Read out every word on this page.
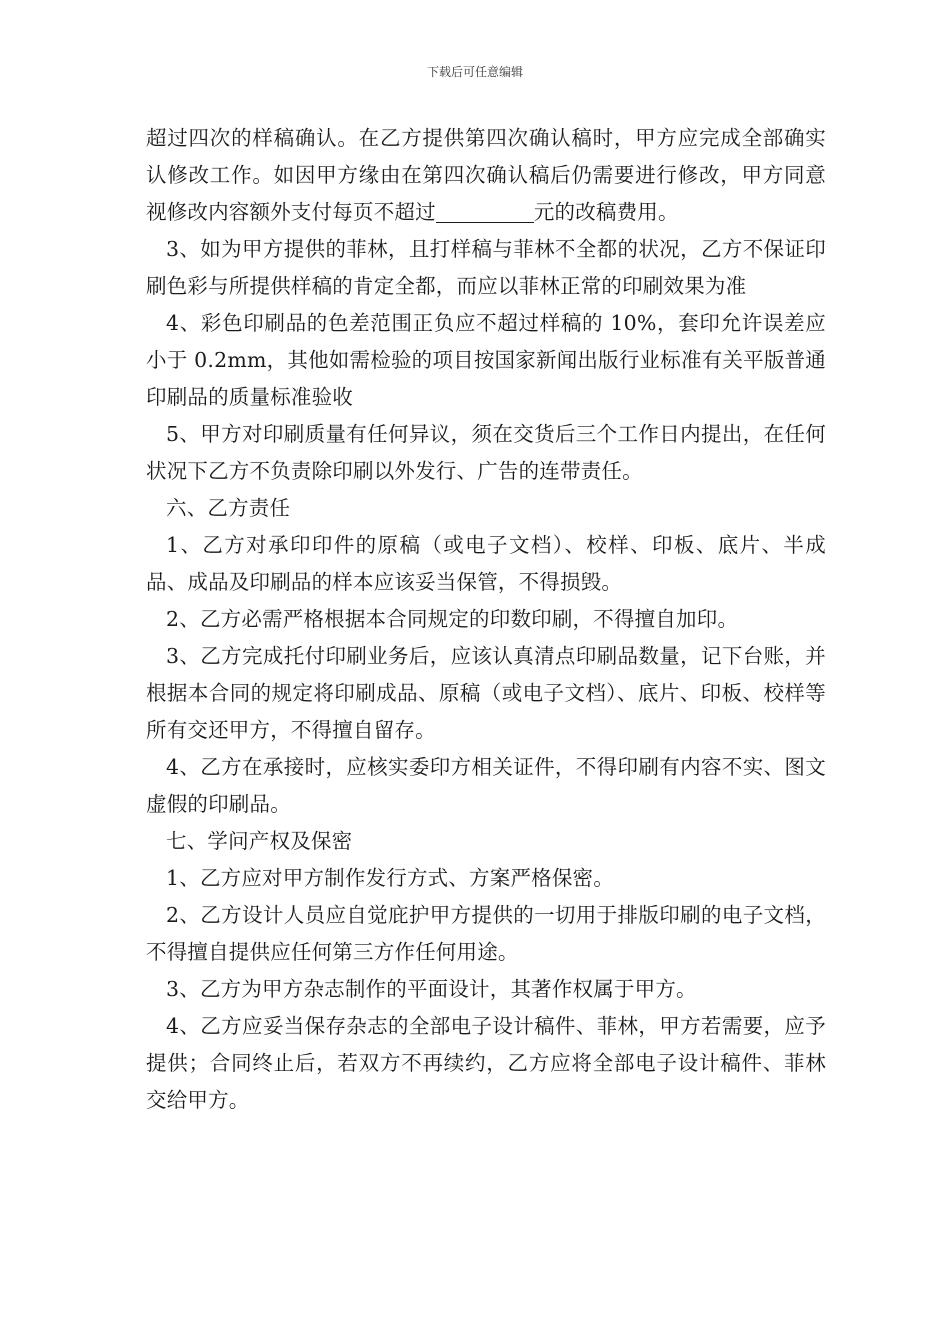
下载后可任意编辑

超过四次的样稿确认。在乙方提供第四次确认稿时，甲方应完成全部确实认修改工作。如因甲方缘由在第四次确认稿后仍需要进行修改，甲方同意视修改内容额外支付每页不超过	元的改稿费用。

3、如为甲方提供的菲林，且打样稿与菲林不全都的状况，乙方不保证印刷色彩与所提供样稿的肯定全都，而应以菲林正常的印刷效果为准

4、彩色印刷品的色差范围正负应不超过样稿的 10%，套印允许误差应小于 0.2mm，其他如需检验的项目按国家新闻出版行业标准有关平版普通印刷品的质量标准验收

5、甲方对印刷质量有任何异议，须在交货后三个工作日内提出，在任何状况下乙方不负责除印刷以外发行、广告的连带责任。

六、乙方责任

1、乙方对承印印件的原稿（或电子文档）、校样、印板、底片、半成品、成品及印刷品的样本应该妥当保管，不得损毁。

2、乙方必需严格根据本合同规定的印数印刷，不得擅自加印。

3、乙方完成托付印刷业务后，应该认真清点印刷品数量，记下台账，并根据本合同的规定将印刷成品、原稿（或电子文档）、底片、印板、校样等所有交还甲方，不得擅自留存。

4、乙方在承接时，应核实委印方相关证件，不得印刷有内容不实、图文虚假的印刷品。

七、学问产权及保密

1、乙方应对甲方制作发行方式、方案严格保密。

2、乙方设计人员应自觉庇护甲方提供的一切用于排版印刷的电子文档，不得擅自提供应任何第三方作任何用途。

3、乙方为甲方杂志制作的平面设计，其著作权属于甲方。

4、乙方应妥当保存杂志的全部电子设计稿件、菲林，甲方若需要，应予提供；合同终止后，若双方不再续约，乙方应将全部电子设计稿件、菲林交给甲方。
